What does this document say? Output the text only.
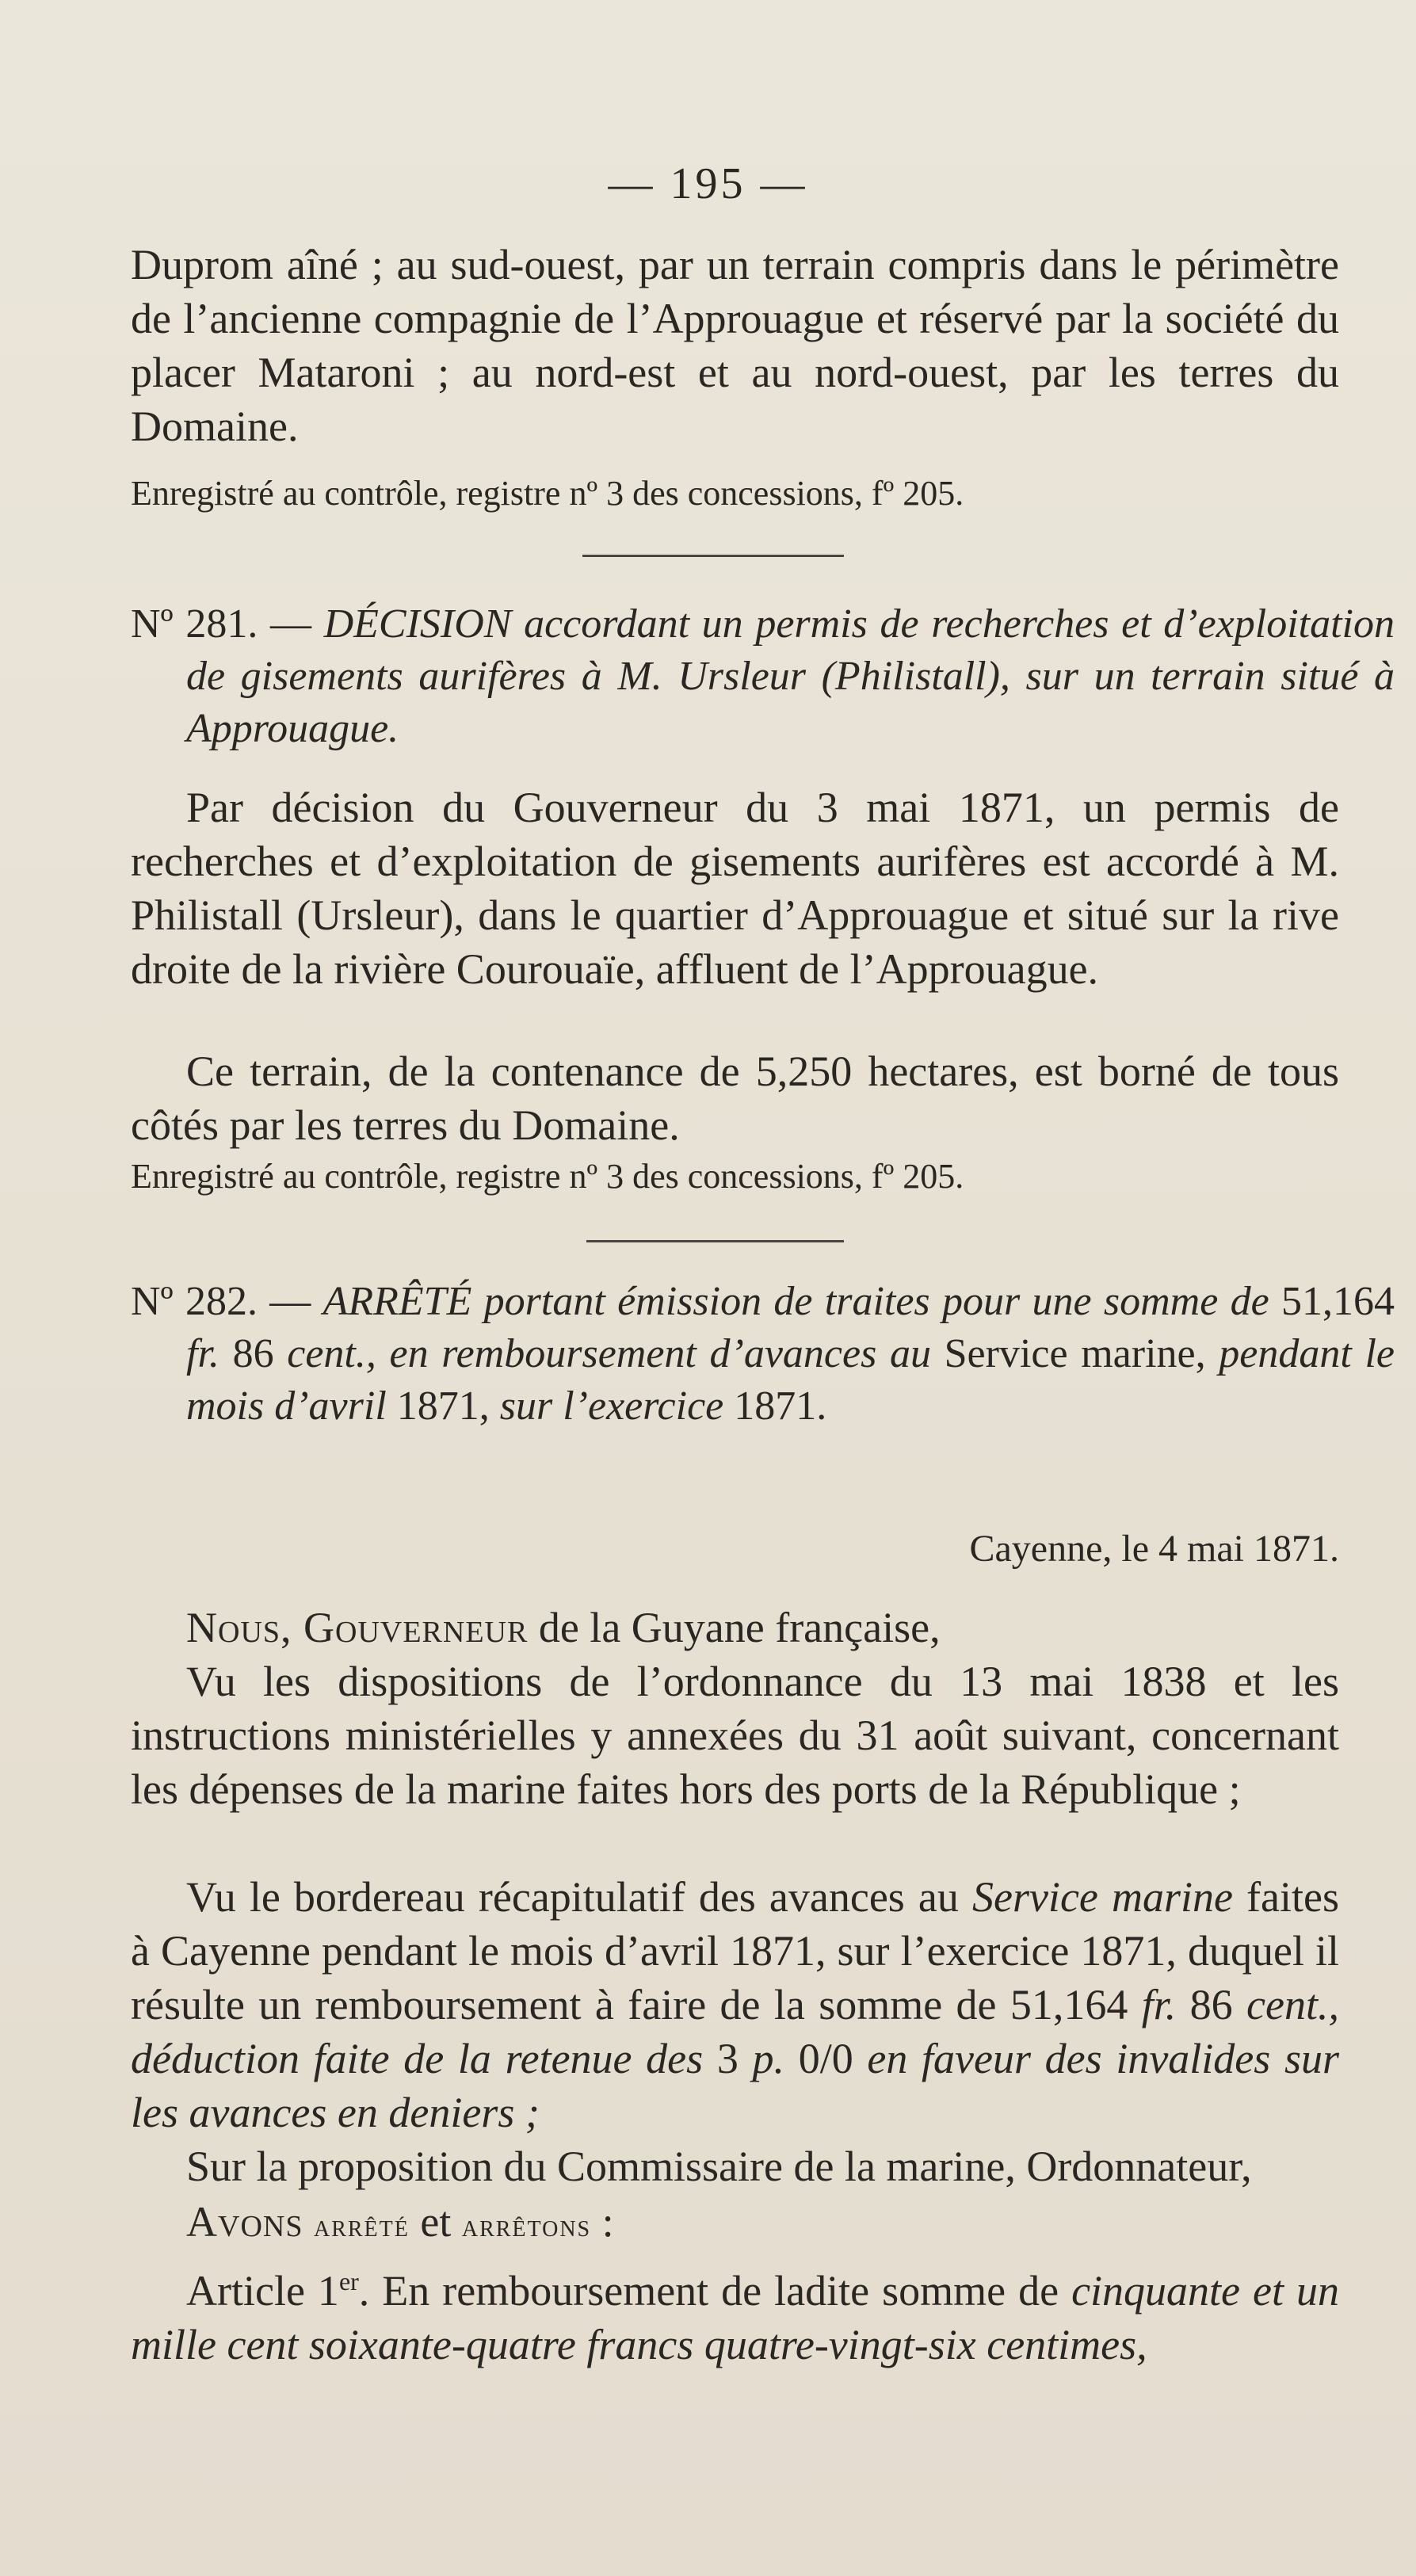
— 195 —

Duprom aîné ; au sud-ouest, par un terrain compris dans le périmètre de l’ancienne compagnie de l’Approuague et réservé par la société du placer Mataroni ; au nord-est et au nord-ouest, par les terres du Domaine.

Enregistré au contrôle, registre nº 3 des concessions, fº 205.

Nº 281. — DÉCISION accordant un permis de recherches et d’exploitation de gisements aurifères à M. Ursleur (Philistall), sur un terrain situé à Approuague.

Par décision du Gouverneur du 3 mai 1871, un permis de recherches et d’exploitation de gisements aurifères est accordé à M. Philistall (Ursleur), dans le quartier d’Approuague et situé sur la rive droite de la rivière Courouaïe, affluent de l’Approuague.

Ce terrain, de la contenance de 5,250 hectares, est borné de tous côtés par les terres du Domaine.

Enregistré au contrôle, registre nº 3 des concessions, fº 205.

Nº 282. — ARRÊTÉ portant émission de traites pour une somme de 51,164 fr. 86 cent., en remboursement d’avances au Service marine, pendant le mois d’avril 1871, sur l’exercice 1871.

Cayenne, le 4 mai 1871.

Nous, Gouverneur de la Guyane française,

Vu les dispositions de l’ordonnance du 13 mai 1838 et les instructions ministérielles y annexées du 31 août suivant, concernant les dépenses de la marine faites hors des ports de la République ;

Vu le bordereau récapitulatif des avances au Service marine faites à Cayenne pendant le mois d’avril 1871, sur l’exercice 1871, duquel il résulte un remboursement à faire de la somme de 51,164 fr. 86 cent., déduction faite de la retenue des 3 p. 0/0 en faveur des invalides sur les avances en deniers ;

Sur la proposition du Commissaire de la marine, Ordonnateur,

Avons arrêté et arrêtons :

Article 1er. En remboursement de ladite somme de cinquante et un mille cent soixante-quatre francs quatre-vingt-six centimes,
